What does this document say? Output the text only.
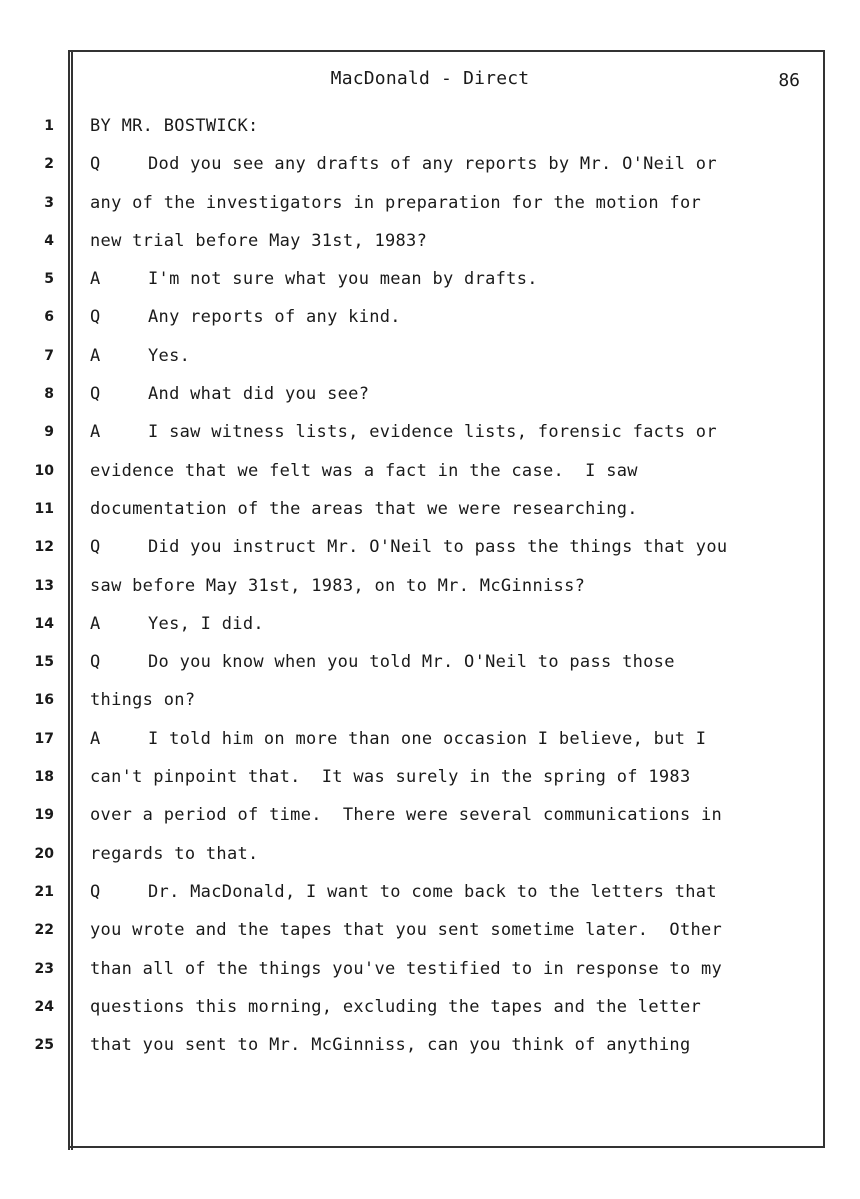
MacDonald - Direct	86
1
2
3
4
5
6
7
8
9
10
11
12
13
14
15
16
17
18
19
20
21
22
23
24
25
BY MR. BOSTWICK:
Q	Dod you see any drafts of any reports by Mr. O'Neil or
any of the investigators in preparation for the motion for
new trial before May 31st, 1983?
A	I'm not sure what you mean by drafts.
Q	Any reports of any kind.
A	Yes.
Q	And what did you see?
A	I saw witness lists, evidence lists, forensic facts or
evidence that we felt was a fact in the case.  I saw
documentation of the areas that we were researching.
Q	Did you instruct Mr. O'Neil to pass the things that you
saw before May 31st, 1983, on to Mr. McGinniss?
A	Yes, I did.
Q	Do you know when you told Mr. O'Neil to pass those
things on?
A	I told him on more than one occasion I believe, but I
can't pinpoint that.  It was surely in the spring of 1983
over a period of time.  There were several communications in
regards to that.
Q	Dr. MacDonald, I want to come back to the letters that
you wrote and the tapes that you sent sometime later.  Other
than all of the things you've testified to in response to my
questions this morning, excluding the tapes and the letter
that you sent to Mr. McGinniss, can you think of anything
